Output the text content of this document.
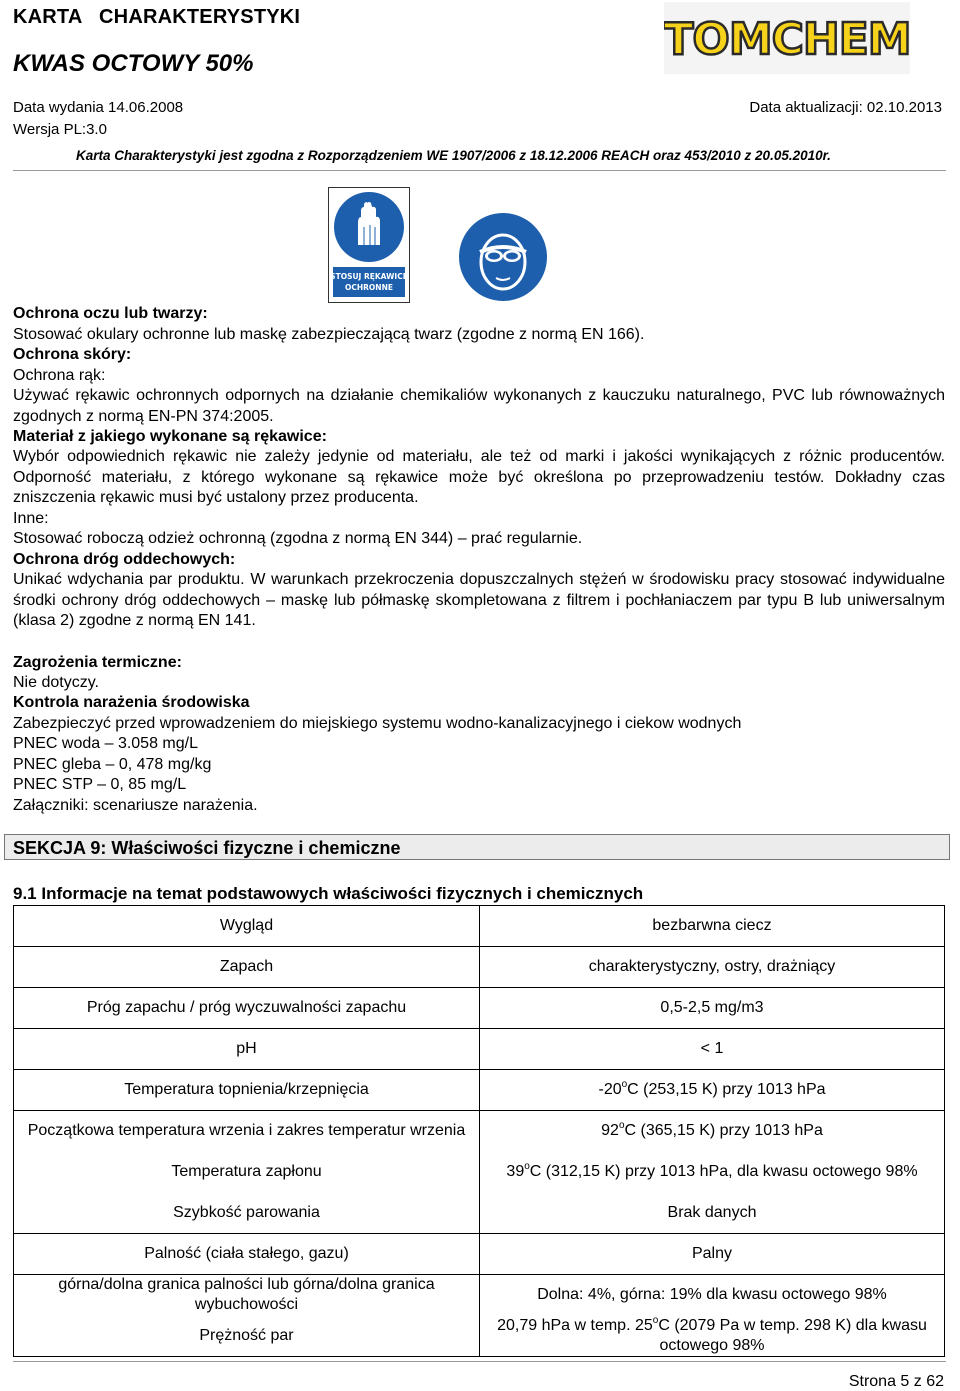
KARTA   CHARAKTERYSTYKI
KWAS OCTOWY 50%
Data wydania 14.06.2008	Data aktualizacji: 02.10.2013
Wersja PL:3.0
Karta Charakterystyki jest zgodna z Rozporządzeniem WE 1907/2006 z 18.12.2006 REACH oraz 453/2010 z 20.05.2010r.
TOMCHEM
STOSUJ RĘKAWICE
OCHRONNE
Ochrona oczu lub twarzy:
Stosować okulary ochronne lub maskę zabezpieczającą twarz (zgodne z normą EN 166).
Ochrona skóry:
Ochrona rąk:
Używać rękawic ochronnych odpornych na działanie chemikaliów wykonanych z kauczuku naturalnego, PVC lub równoważnych zgodnych z normą EN-PN 374:2005.
Materiał z jakiego wykonane są rękawice:
Wybór odpowiednich rękawic nie zależy jedynie od materiału, ale też od marki i jakości wynikających z różnic producentów. Odporność materiału, z którego wykonane są rękawice może być określona po przeprowadzeniu testów. Dokładny czas zniszczenia rękawic musi być ustalony przez producenta.
Inne:
Stosować roboczą odzież ochronną (zgodna z normą EN 344) – prać regularnie.
Ochrona dróg oddechowych:
Unikać wdychania par produktu. W warunkach przekroczenia dopuszczalnych stężeń w środowisku pracy stosować indywidualne środki ochrony dróg oddechowych – maskę lub półmaskę skompletowana z filtrem i pochłaniaczem par typu B lub uniwersalnym (klasa 2) zgodne z normą EN 141.
Zagrożenia termiczne:
Nie dotyczy.
Kontrola narażenia środowiska
Zabezpieczyć przed wprowadzeniem do miejskiego systemu wodno-kanalizacyjnego i ciekow wodnych
PNEC woda – 3.058 mg/L
PNEC gleba – 0, 478 mg/kg
PNEC STP – 0, 85 mg/L
Załączniki: scenariusze narażenia.
SEKCJA 9: Właściwości fizyczne i chemiczne
9.1 Informacje na temat podstawowych właściwości fizycznych i chemicznych
Wygląd	bezbarwna ciecz
Zapach	charakterystyczny, ostry, drażniący
Próg zapachu / próg wyczuwalności zapachu	0,5-2,5 mg/m3
pH	< 1
Temperatura topnienia/krzepnięcia	-20$^o$C (253,15 K) przy 1013 hPa
Początkowa temperatura wrzenia i zakres temperatur wrzenia	92$^o$C (365,15 K) przy 1013 hPa
Temperatura zapłonu	39$^o$C (312,15 K) przy 1013 hPa, dla kwasu octowego 98%
Szybkość parowania	Brak danych
Palność (ciała stałego, gazu)	Palny
górna/dolna granica palności lub górna/dolna granica wybuchowości	Dolna: 4%, górna: 19% dla kwasu octowego 98%
Prężność par	20,79 hPa w temp. 25$^o$C (2079 Pa w temp. 298 K) dla kwasu octowego 98%
Strona 5 z 62
